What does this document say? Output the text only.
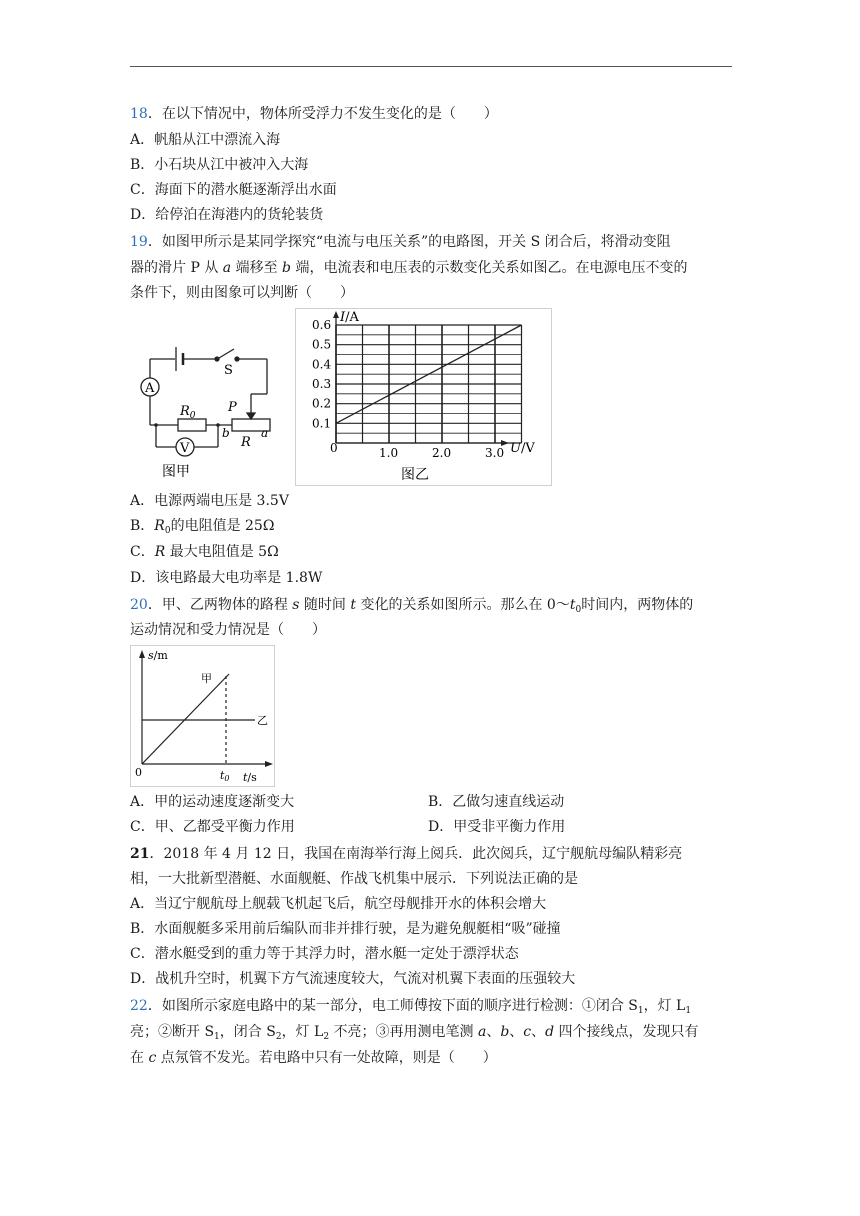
18．在以下情况中，物体所受浮力不发生变化的是（　　）
A．帆船从江中漂流入海
B．小石块从江中被冲入大海
C．海面下的潜水艇逐渐浮出水面
D．给停泊在海港内的货轮装货
19．如图甲所示是某同学探究“电流与电压关系”的电路图，开关 S 闭合后，将滑动变阻
器的滑片 P 从 a 端移至 b 端，电流表和电压表的示数变化关系如图乙。在电源电压不变的
条件下，则由图象可以判断（　　）
A
V
S
$R_0$
P
R
b	a
图甲
0.1
0.2
0.3
0.4
0.5
0.6
1.0	2.0	3.0
I/A
U/V
0
图乙
A．电源两端电压是 3.5V
B．$R_0$的电阻值是 25Ω
C．R 最大电阻值是 5Ω
D．该电路最大电功率是 1.8W
20．甲、乙两物体的路程 s 随时间 t 变化的关系如图所示。那么在 $0\sim t_0$时间内，两物体的
运动情况和受力情况是（　　）
s/m
t/s
0	t0
甲
乙
A．甲的运动速度逐渐变大	B．乙做匀速直线运动
C．甲、乙都受平衡力作用	D．甲受非平衡力作用
21．2018 年 4 月 12 日，我国在南海举行海上阅兵．此次阅兵，辽宁舰航母编队精彩亮
相，一大批新型潜艇、水面舰艇、作战飞机集中展示．下列说法正确的是
A．当辽宁舰航母上舰载飞机起飞后，航空母舰排开水的体积会增大
B．水面舰艇多采用前后编队而非并排行驶，是为避免舰艇相“吸”碰撞
C．潜水艇受到的重力等于其浮力时，潜水艇一定处于漂浮状态
D．战机升空时，机翼下方气流速度较大，气流对机翼下表面的压强较大
22．如图所示家庭电路中的某一部分，电工师傅按下面的顺序进行检测：①闭合 $S_1$，灯 $L_1$
亮；②断开 $S_1$，闭合 $S_2$，灯 $L_2$ 不亮；③再用测电笔测 a、b、c、d 四个接线点，发现只有
在 c 点氖管不发光。若电路中只有一处故障，则是（　　）
